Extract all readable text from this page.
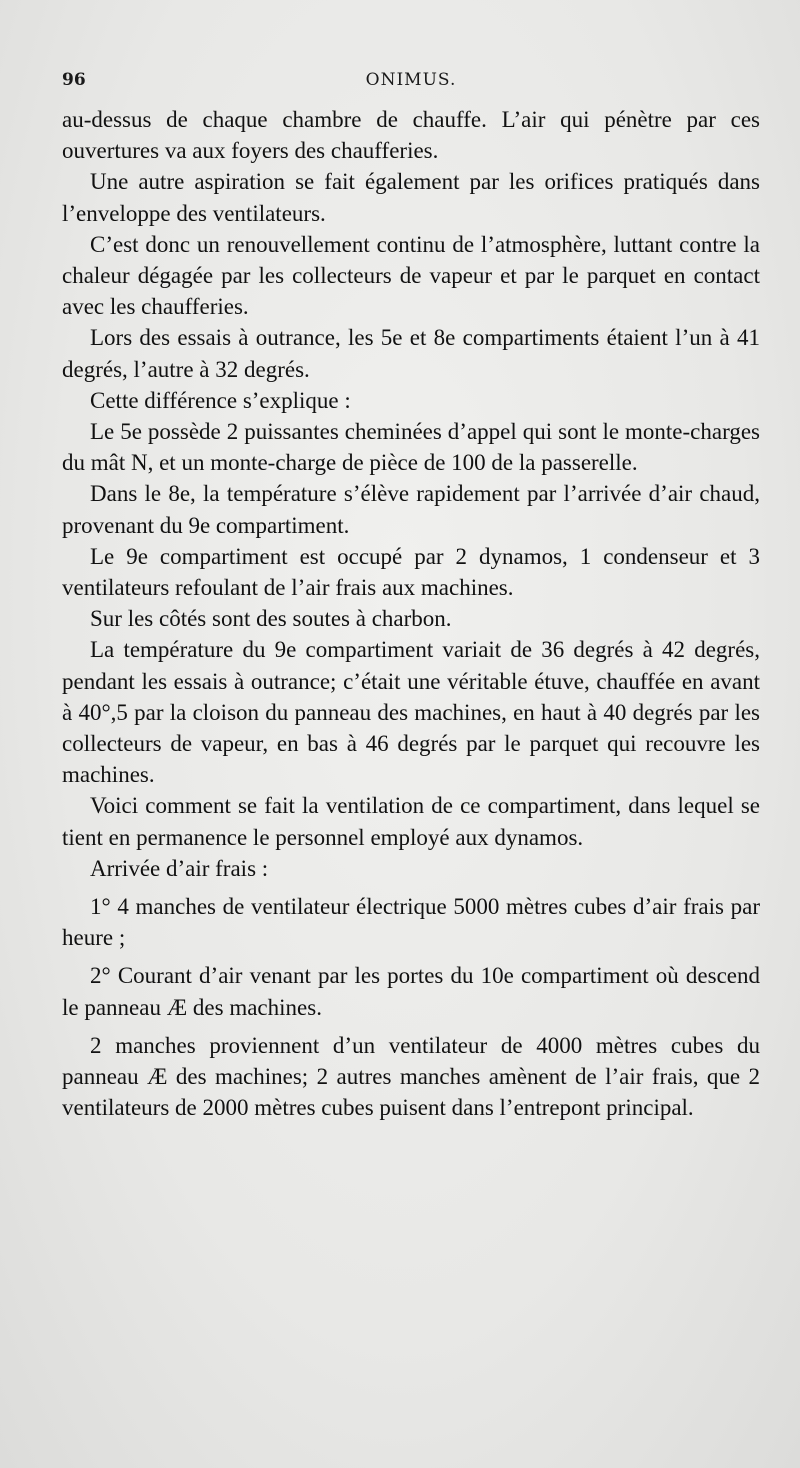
96	ONIMUS.

au-dessus de chaque chambre de chauffe. L’air qui pénètre par ces ouvertures va aux foyers des chaufferies.

Une autre aspiration se fait également par les orifices pratiqués dans l’enveloppe des ventilateurs.

C’est donc un renouvellement continu de l’atmosphère, luttant contre la chaleur dégagée par les collecteurs de vapeur et par le parquet en contact avec les chaufferies.

Lors des essais à outrance, les 5e et 8e compartiments étaient l’un à 41 degrés, l’autre à 32 degrés.

Cette différence s’explique :

Le 5e possède 2 puissantes cheminées d’appel qui sont le monte-charges du mât N, et un monte-charge de pièce de 100 de la passerelle.

Dans le 8e, la température s’élève rapidement par l’arrivée d’air chaud, provenant du 9e compartiment.

Le 9e compartiment est occupé par 2 dynamos, 1 condenseur et 3 ventilateurs refoulant de l’air frais aux machines.

Sur les côtés sont des soutes à charbon.

La température du 9e compartiment variait de 36 degrés à 42 degrés, pendant les essais à outrance; c’était une véritable étuve, chauffée en avant à 40°,5 par la cloison du panneau des machines, en haut à 40 degrés par les collecteurs de vapeur, en bas à 46 degrés par le parquet qui recouvre les machines.

Voici comment se fait la ventilation de ce compartiment, dans lequel se tient en permanence le personnel employé aux dynamos.

Arrivée d’air frais :

1° 4 manches de ventilateur électrique 5000 mètres cubes d’air frais par heure ;

2° Courant d’air venant par les portes du 10e compartiment où descend le panneau Æ des machines.

2 manches proviennent d’un ventilateur de 4000 mètres cubes du panneau Æ des machines; 2 autres manches amènent de l’air frais, que 2 ventilateurs de 2000 mètres cubes puisent dans l’entrepont principal.
